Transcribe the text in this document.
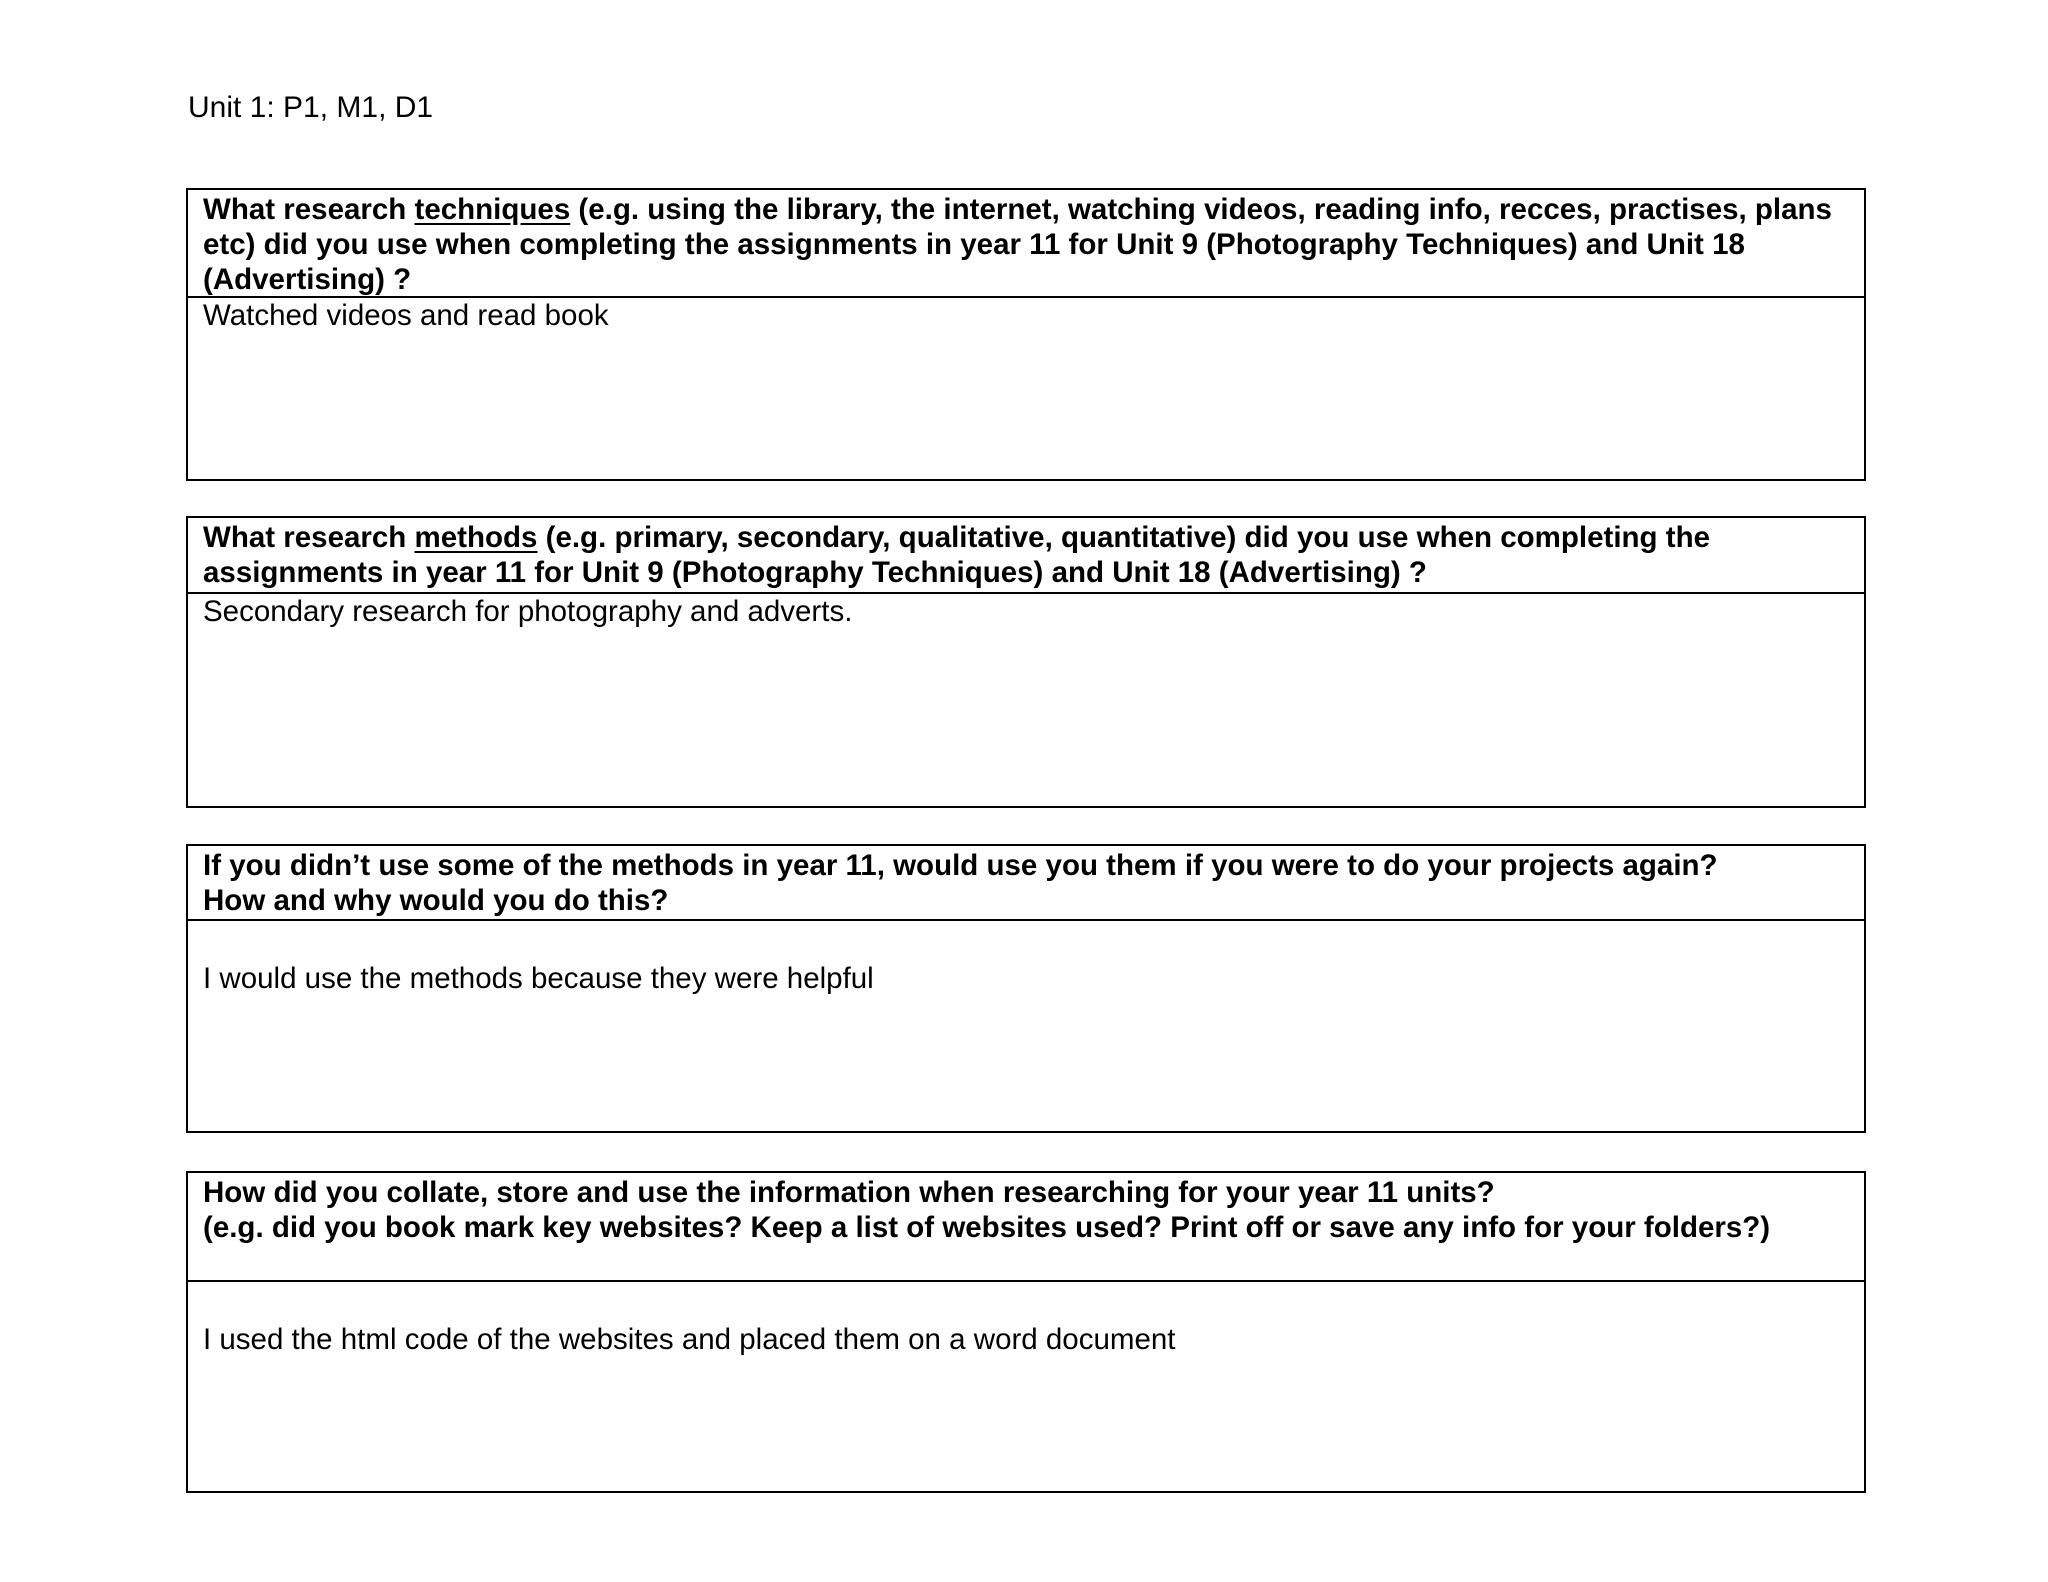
Unit 1: P1, M1, D1
What research techniques (e.g. using the library, the internet, watching videos, reading info, recces, practises, plans etc) did you use when completing the assignments in year 11 for Unit 9 (Photography Techniques) and Unit 18 (Advertising) ?
Watched videos and read book
What research methods (e.g. primary, secondary, qualitative, quantitative) did you use when completing the assignments in year 11 for Unit 9 (Photography Techniques) and Unit 18 (Advertising) ?
Secondary research for photography and adverts.
If you didn’t use some of the methods in year 11, would use you them if you were to do your projects again?
How and why would you do this?
I would use the methods because they were helpful
How did you collate, store and use the information when researching for your year 11 units?
(e.g. did you book mark key websites? Keep a list of websites used? Print off or save any info for your folders?)
I used the html code of the websites and placed them on a word document
